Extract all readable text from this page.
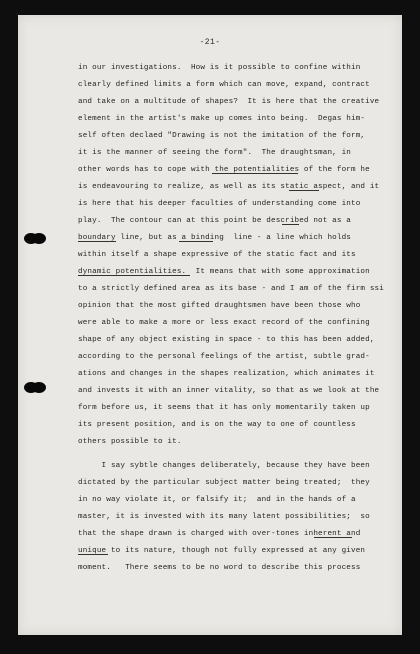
-21-
in our investigations.  How is it possible to confine within
clearly defined limits a form which can move, expand, contract
and take on a multitude of shapes?  It is here that the creative
element in the artist's make up comes into being.  Degas him-
self often declaed "Drawing is not the imitation of the form,
it is the manner of seeing the form".  The draughtsman, in
other words has to cope with the potentialities of the form he
is endeavouring to realize, as well as its static aspect, and it
is here that his deeper faculties of understanding come into
play.  The contour can at this point be described not as a
boundary line, but as a binding  line - a line which holds
within itself a shape expressive of the static fact and its
dynamic potentialities.  It means that with some approximation
to a strictly defined area as its base - and I am of the firm ssi
opinion that the most gifted draughtsmen have been those who
were able to make a more or less exact record of the confining
shape of any object existing in space - to this has been added,
according to the personal feelings of the artist, subtle grad-
ations and changes in the shapes realization, which animates it
and invests it with an inner vitality, so that as we look at the
form before us, it seems that it has only momentarily taken up
its present position, and is on the way to one of countless
others possible to it.
I say sybtle changes deliberately, because they have been
dictated by the particular subject matter being treated;  they
in no way violate it, or falsify it;  and in the hands of a
master, it is invested with its many latent possibilities;  so
that the shape drawn is charged with over-tones inherent and
unique to its nature, though not fully expressed at any given
moment.   There seems to be no word to describe this process
